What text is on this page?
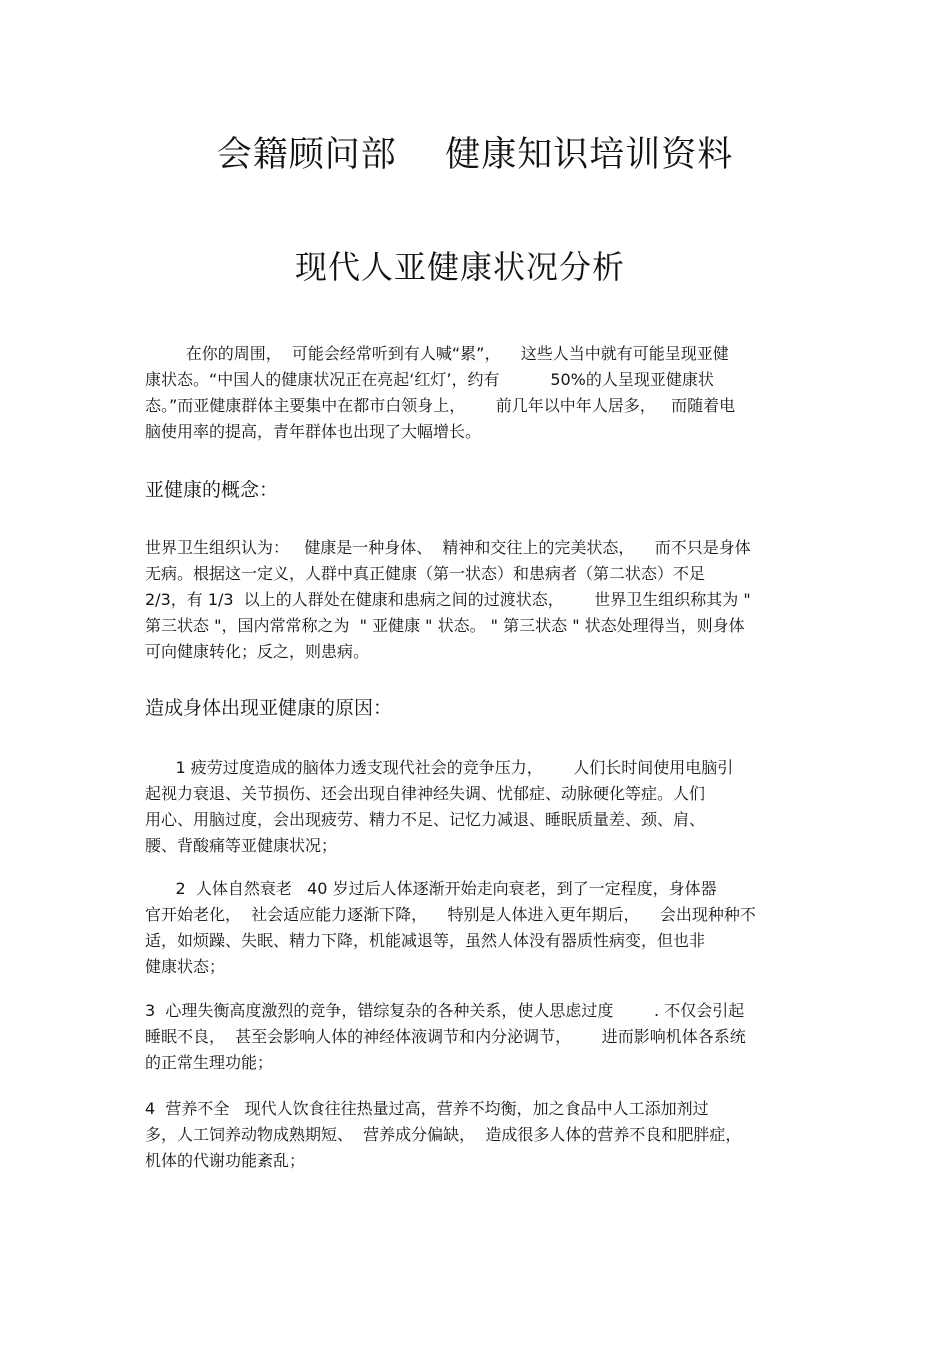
会籍顾问部    健康知识培训资料
现代人亚健康状况分析
在你的周围，  可能会经常听到有人喊“累”，    这些人当中就有可能呈现亚健
康状态。“中国人的健康状况正在亮起‘红灯’，约有          50%的人呈现亚健康状
态。”而亚健康群体主要集中在都市白领身上，      前几年以中年人居多，   而随着电
脑使用率的提高，青年群体也出现了大幅增长。
亚健康的概念：
世界卫生组织认为：   健康是一种身体、  精神和交往上的完美状态，    而不只是身体
无病。根据这一定义，人群中真正健康（第一状态）和患病者（第二状态）不足
2/3，有 1/3  以上的人群处在健康和患病之间的过渡状态，      世界卫生组织称其为 "
第三状态 "，国内常常称之为  " 亚健康 " 状态。 " 第三状态 " 状态处理得当，则身体
可向健康转化；反之，则患病。
造成身体出现亚健康的原因：
1 疲劳过度造成的脑体力透支现代社会的竞争压力，      人们长时间使用电脑引
起视力衰退、关节损伤、还会出现自律神经失调、忧郁症、动脉硬化等症。人们
用心、用脑过度，会出现疲劳、精力不足、记忆力减退、睡眠质量差、颈、肩、
腰、背酸痛等亚健康状况；
2  人体自然衰老   40 岁过后人体逐渐开始走向衰老，到了一定程度，身体器
官开始老化，  社会适应能力逐渐下降，    特别是人体进入更年期后，    会出现种种不
适，如烦躁、失眠、精力下降，机能减退等，虽然人体没有器质性病变，但也非
健康状态；
3  心理失衡高度激烈的竞争，错综复杂的各种关系，使人思虑过度        . 不仅会引起
睡眠不良，  甚至会影响人体的神经体液调节和内分泌调节，      进而影响机体各系统
的正常生理功能；
4  营养不全   现代人饮食往往热量过高，营养不均衡，加之食品中人工添加剂过
多，人工饲养动物成熟期短、  营养成分偏缺，  造成很多人体的营养不良和肥胖症，
机体的代谢功能紊乱；
